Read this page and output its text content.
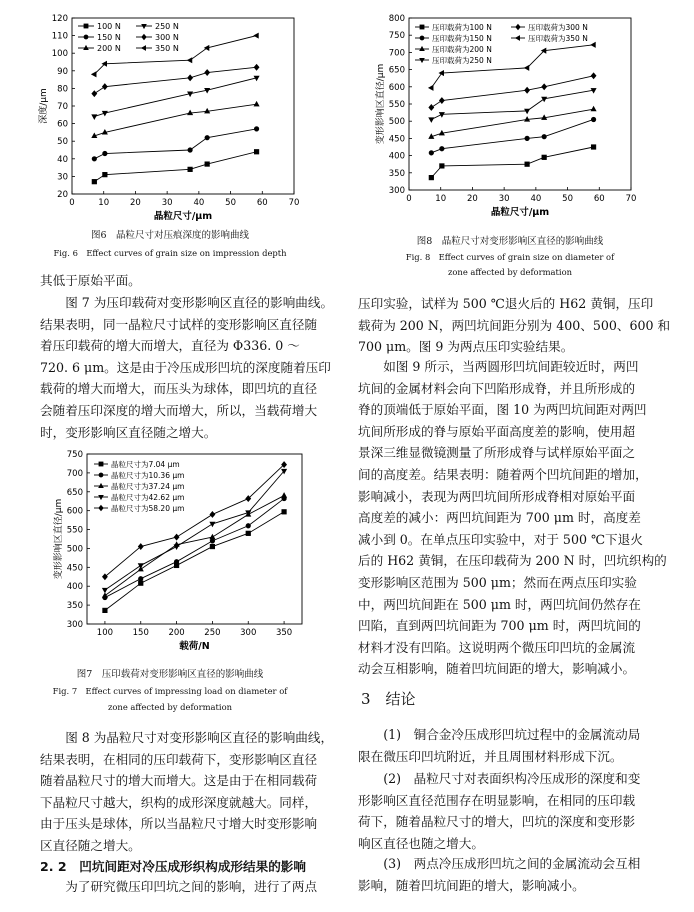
0	10 20 30 40 50 60 70
20
30
40
50
60
70
80
90
100
110
120
晶粒尺寸/μm
深度/μm
100 N
150 N
200 N
250 N
300 N
350 N
图6　晶粒尺寸对压痕深度的影响曲线
Fig. 6　Effect curves of grain size on impression depth
0	10 20 30 40 50 60 70
300
350
400
450
500
550
600
650
700
750
800
晶粒尺寸/μm
变形影响区直径/μm
压印载荷为100 N
压印载荷为150 N
压印载荷为200 N
压印载荷为250 N
压印载荷为300 N
压印载荷为350 N
图8　晶粒尺寸对变形影响区直径的影响曲线
Fig. 8　Effect curves of grain size on diameter of
zone affected by deformation
其低于原始平面。
　　图 7 为压印载荷对变形影响区直径的影响曲线。
结果表明，同一晶粒尺寸试样的变形影响区直径随
着压印载荷的增大而增大，直径为 Φ336. 0 ～
720. 6 μm。这是由于冷压成形凹坑的深度随着压印
载荷的增大而增大，而压头为球体，即凹坑的直径
会随着压印深度的增大而增大，所以，当载荷增大
时，变形影响区直径随之增大。
100 150 200 250 300 350
300
350
400
450
500
550
600
650
700
750
载荷/N
变形影响区直径/μm
晶粒尺寸为7.04 μm
晶粒尺寸为10.36 μm
晶粒尺寸为37.24 μm
晶粒尺寸为42.62 μm
晶粒尺寸为58.20 μm
图7　压印载荷对变形影响区直径的影响曲线
Fig. 7　Effect curves of impressing load on diameter of
zone affected by deformation
　　图 8 为晶粒尺寸对变形影响区直径的影响曲线，
结果表明，在相同的压印载荷下，变形影响区直径
随着晶粒尺寸的增大而增大。这是由于在相同载荷
下晶粒尺寸越大，织构的成形深度就越大。同样，
由于压头是球体，所以当晶粒尺寸增大时变形影响
区直径随之增大。
2. 2　凹坑间距对冷压成形织构成形结果的影响
　　为了研究微压印凹坑之间的影响，进行了两点
压印实验，试样为 500 ℃退火后的 H62 黄铜，压印
载荷为 200 N，两凹坑间距分别为 400、500、600 和
700 μm。图 9 为两点压印实验结果。
　　如图 9 所示，当两圆形凹坑间距较近时，两凹
坑间的金属材料会向下凹陷形成脊，并且所形成的
脊的顶端低于原始平面，图 10 为两凹坑间距对两凹
坑间所形成的脊与原始平面高度差的影响，使用超
景深三维显微镜测量了所形成脊与试样原始平面之
间的高度差。结果表明：随着两个凹坑间距的增加，
影响减小，表现为两凹坑间所形成脊相对原始平面
高度差的减小：两凹坑间距为 700 μm 时，高度差
减小到 0。在单点压印实验中，对于 500 ℃下退火
后的 H62 黄铜，在压印载荷为 200 N 时，凹坑织构的
变形影响区范围为 500 μm；然而在两点压印实验
中，两凹坑间距在 500 μm 时，两凹坑间仍然存在
凹陷，直到两凹坑间距为 700 μm 时，两凹坑间的
材料才没有凹陷。这说明两个微压印凹坑的金属流
动会互相影响，随着凹坑间距的增大，影响减小。
3　结论
　　(1)　铜合金冷压成形凹坑过程中的金属流动局
限在微压印凹坑附近，并且周围材料形成下沉。
　　(2)　晶粒尺寸对表面织构冷压成形的深度和变
形影响区直径范围存在明显影响，在相同的压印载
荷下，随着晶粒尺寸的增大，凹坑的深度和变形影
响区直径也随之增大。
　　(3)　两点冷压成形凹坑之间的金属流动会互相
影响，随着凹坑间距的增大，影响减小。
